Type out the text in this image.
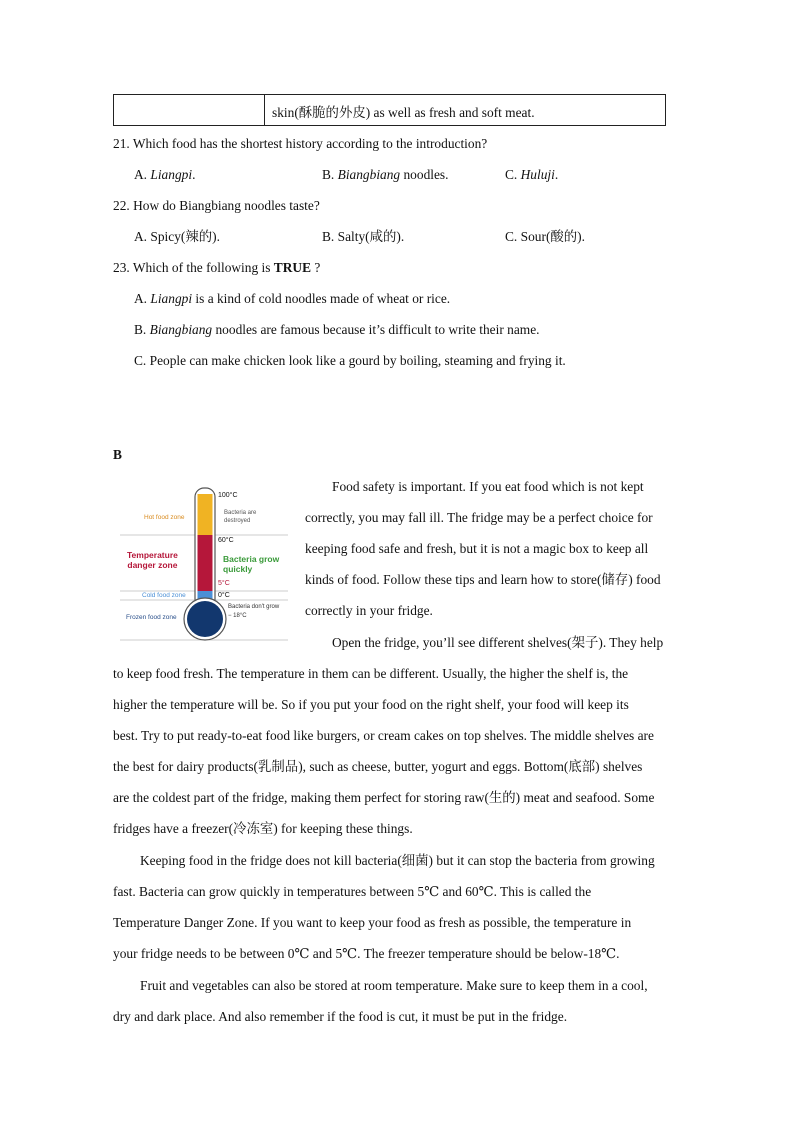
skin(酥脆的外皮) as well as fresh and soft meat.
21. Which food has the shortest history according to the introduction?
A. Liangpi.	B. Biangbiang noodles.	C. Huluji.
22. How do Biangbiang noodles taste?
A. Spicy(辣的).	B. Salty(咸的).	C. Sour(酸的).
23. Which of the following is TRUE ?
A. Liangpi is a kind of cold noodles made of wheat or rice.
B. Biangbiang noodles are famous because it’s difficult to write their name.
C. People can make chicken look like a gourd by boiling, steaming and frying it.
B
100°C
Bacteria are
destroyed
Hot food zone
60°C
Temperature
danger zone
Bacteria grow
quickly
5°C
0°C
Cold food zone
Bacteria don't grow
− 18°C
Frozen food zone
Food safety is important. If you eat food which is not kept
correctly, you may fall ill. The fridge may be a perfect choice for
keeping food safe and fresh, but it is not a magic box to keep all
kinds of food. Follow these tips and learn how to store(储存) food
correctly in your fridge.
Open the fridge, you’ll see different shelves(架子). They help
to keep food fresh. The temperature in them can be different. Usually, the higher the shelf is, the
higher the temperature will be. So if you put your food on the right shelf, your food will keep its
best. Try to put ready-to-eat food like burgers, or cream cakes on top shelves. The middle shelves are
the best for dairy products(乳制品), such as cheese, butter, yogurt and eggs. Bottom(底部) shelves
are the coldest part of the fridge, making them perfect for storing raw(生的) meat and seafood. Some
fridges have a freezer(冷冻室) for keeping these things.
Keeping food in the fridge does not kill bacteria(细菌) but it can stop the bacteria from growing
fast. Bacteria can grow quickly in temperatures between 5℃ and 60℃. This is called the
Temperature Danger Zone. If you want to keep your food as fresh as possible, the temperature in
your fridge needs to be between 0℃ and 5℃. The freezer temperature should be below-18℃.
Fruit and vegetables can also be stored at room temperature. Make sure to keep them in a cool,
dry and dark place. And also remember if the food is cut, it must be put in the fridge.
